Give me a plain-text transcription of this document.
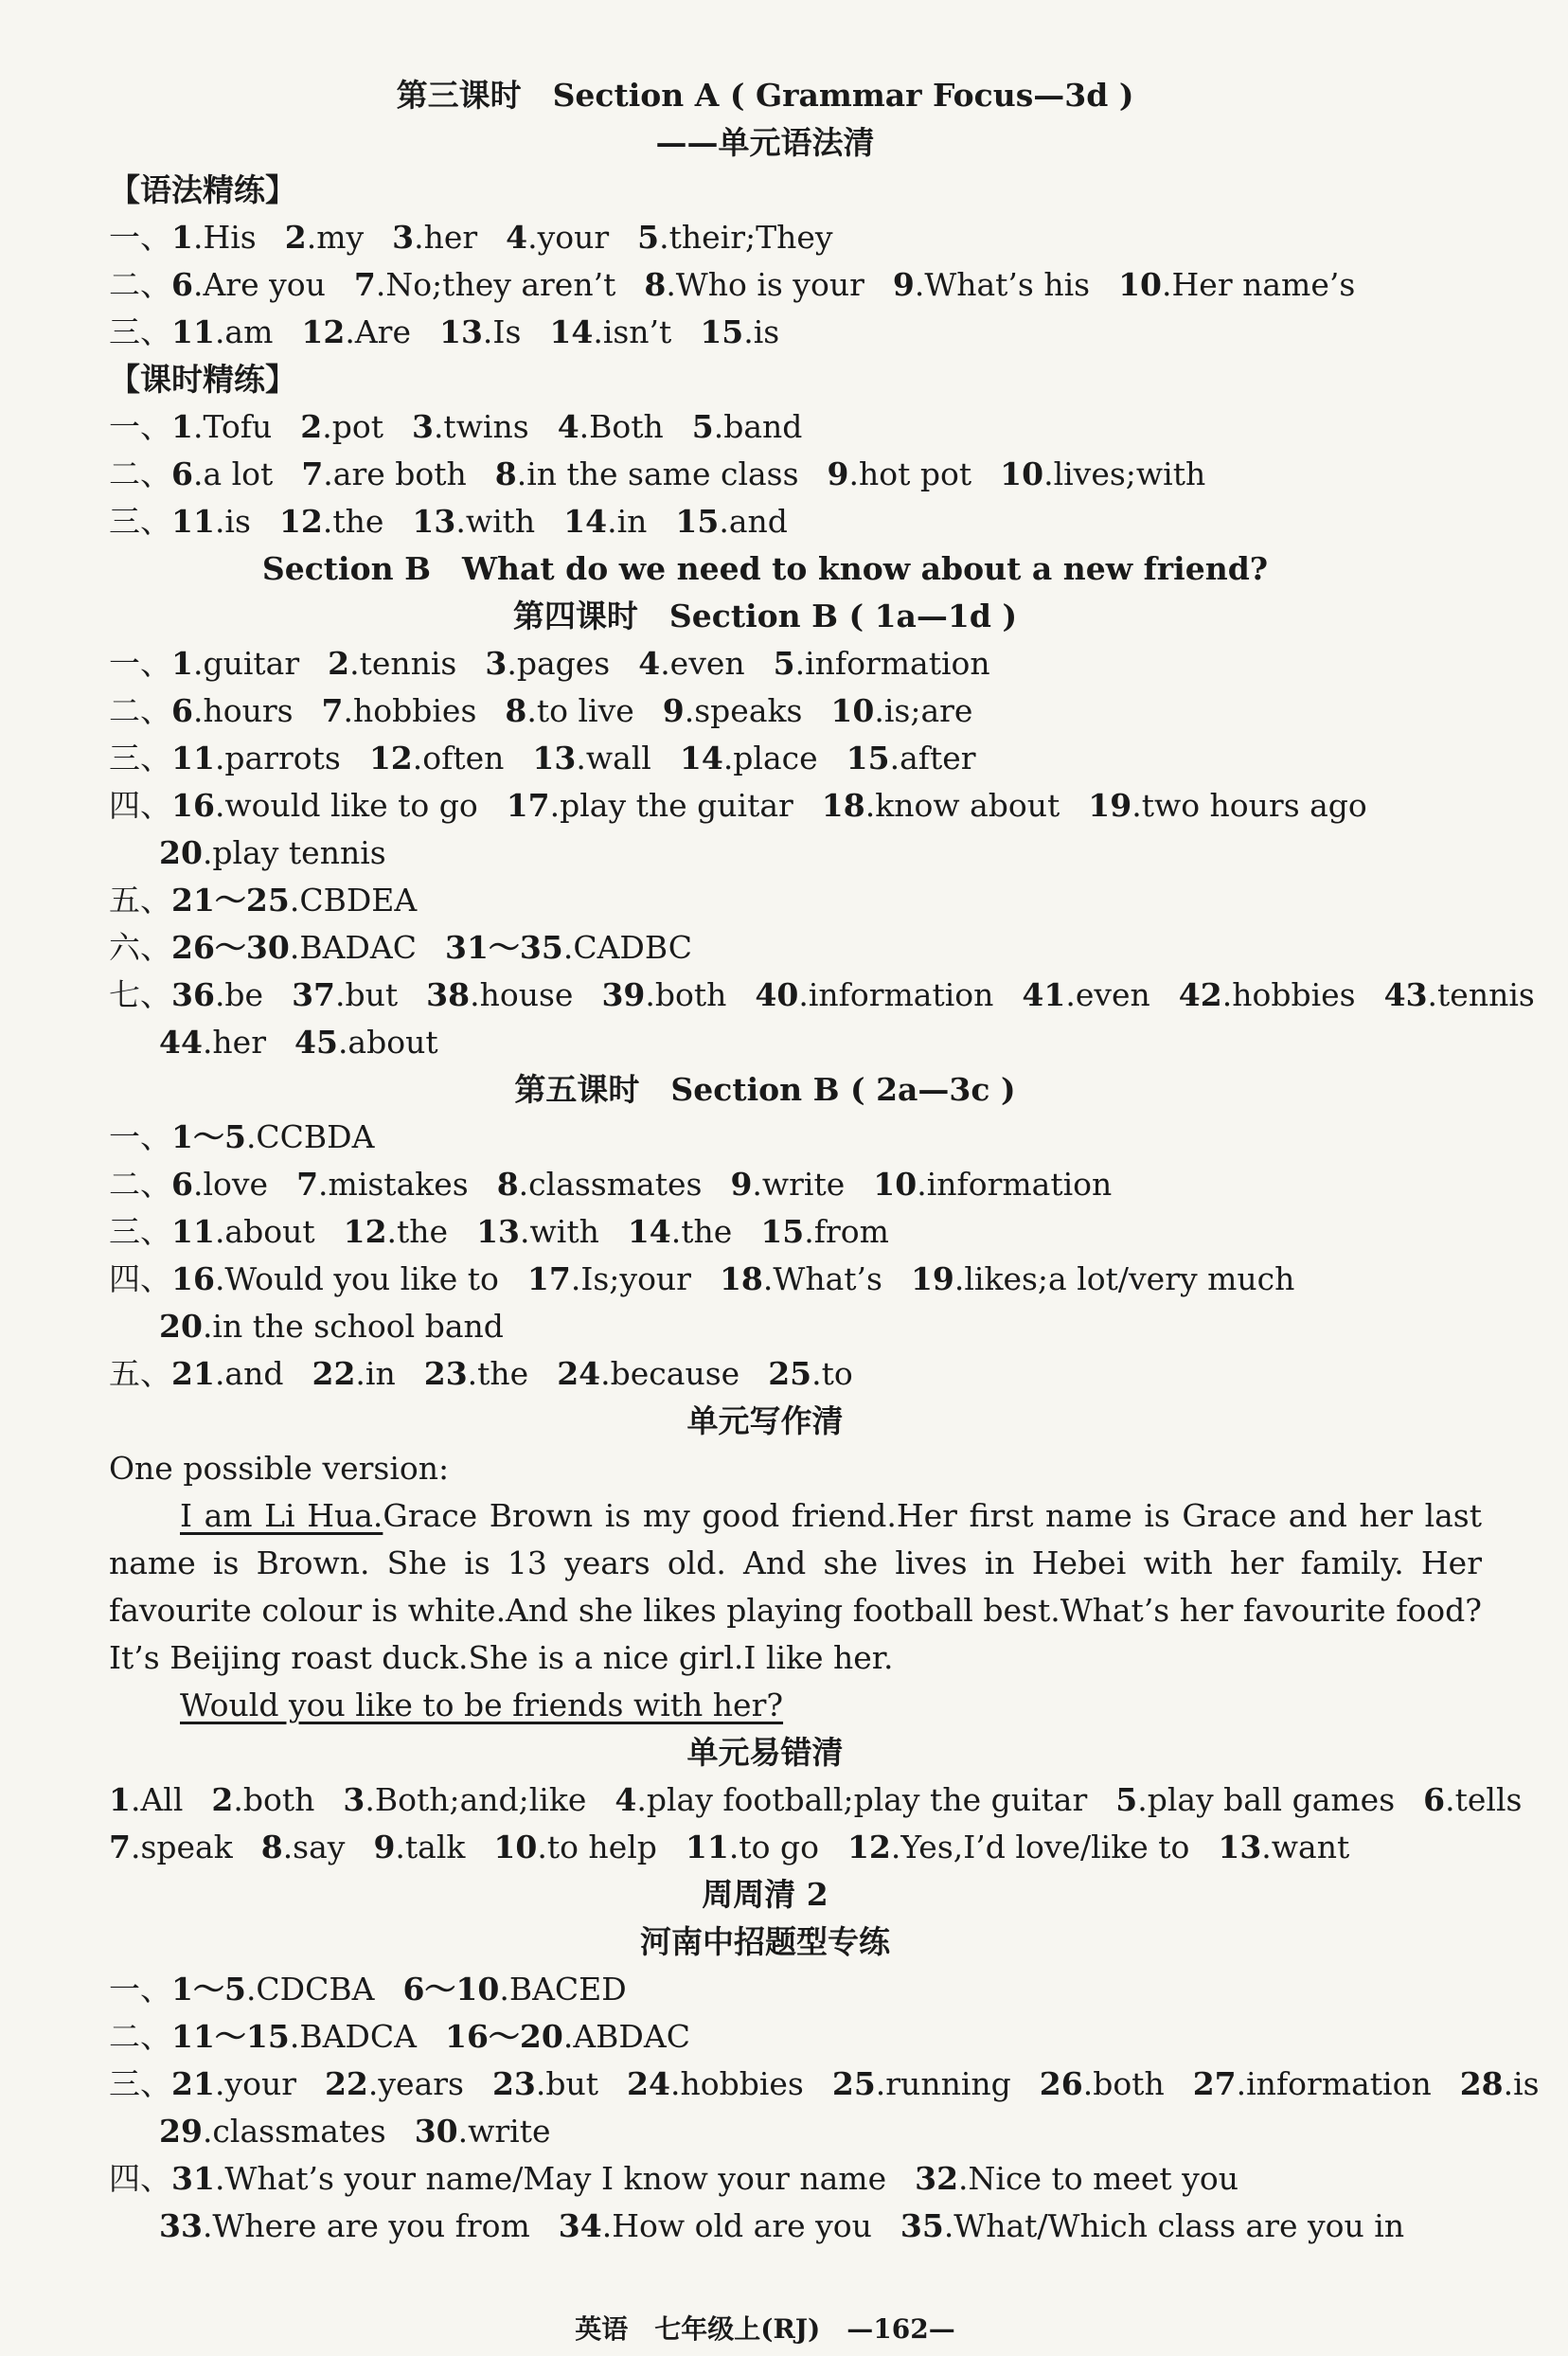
第三课时　Section A ( Grammar Focus—3d )
——单元语法清
【语法精练】
一、1.His 2.my 3.her 4.your 5.their;They
二、6.Are you 7.No;they aren’t 8.Who is your 9.What’s his 10.Her name’s
三、11.am 12.Are 13.Is 14.isn’t 15.is
【课时精练】
一、1.Tofu 2.pot 3.twins 4.Both 5.band
二、6.a lot 7.are both 8.in the same class 9.hot pot 10.lives;with
三、11.is 12.the 13.with 14.in 15.and
Section B　What do we need to know about a new friend?
第四课时　Section B ( 1a—1d )
一、1.guitar 2.tennis 3.pages 4.even 5.information
二、6.hours 7.hobbies 8.to live 9.speaks 10.is;are
三、11.parrots 12.often 13.wall 14.place 15.after
四、16.would like to go 17.play the guitar 18.know about 19.two hours ago
20.play tennis
五、21～25.CBDEA
六、26～30.BADAC 31～35.CADBC
七、36.be 37.but 38.house 39.both 40.information 41.even 42.hobbies 43.tennis
44.her 45.about
第五课时　Section B ( 2a—3c )
一、1～5.CCBDA
二、6.love 7.mistakes 8.classmates 9.write 10.information
三、11.about 12.the 13.with 14.the 15.from
四、16.Would you like to 17.Is;your 18.What’s 19.likes;a lot/very much
20.in the school band
五、21.and 22.in 23.the 24.because 25.to
单元写作清
One possible version:
I am Li Hua.Grace Brown is my good friend.Her first name is Grace and her last name is Brown. She is 13 years old. And she lives in Hebei with her family. Her favourite colour is white.And she likes playing football best.What’s her favourite food? It’s Beijing roast duck.She is a nice girl.I like her.
Would you like to be friends with her?
单元易错清
1.All 2.both 3.Both;and;like 4.play football;play the guitar 5.play ball games 6.tells
7.speak 8.say 9.talk 10.to help 11.to go 12.Yes,I’d love/like to 13.want
周周清 2
河南中招题型专练
一、1～5.CDCBA 6～10.BACED
二、11～15.BADCA 16～20.ABDAC
三、21.your 22.years 23.but 24.hobbies 25.running 26.both 27.information 28.is
29.classmates 30.write
四、31.What’s your name/May I know your name 32.Nice to meet you
33.Where are you from 34.How old are you 35.What/Which class are you in
英语　七年级上(RJ)　—162—
